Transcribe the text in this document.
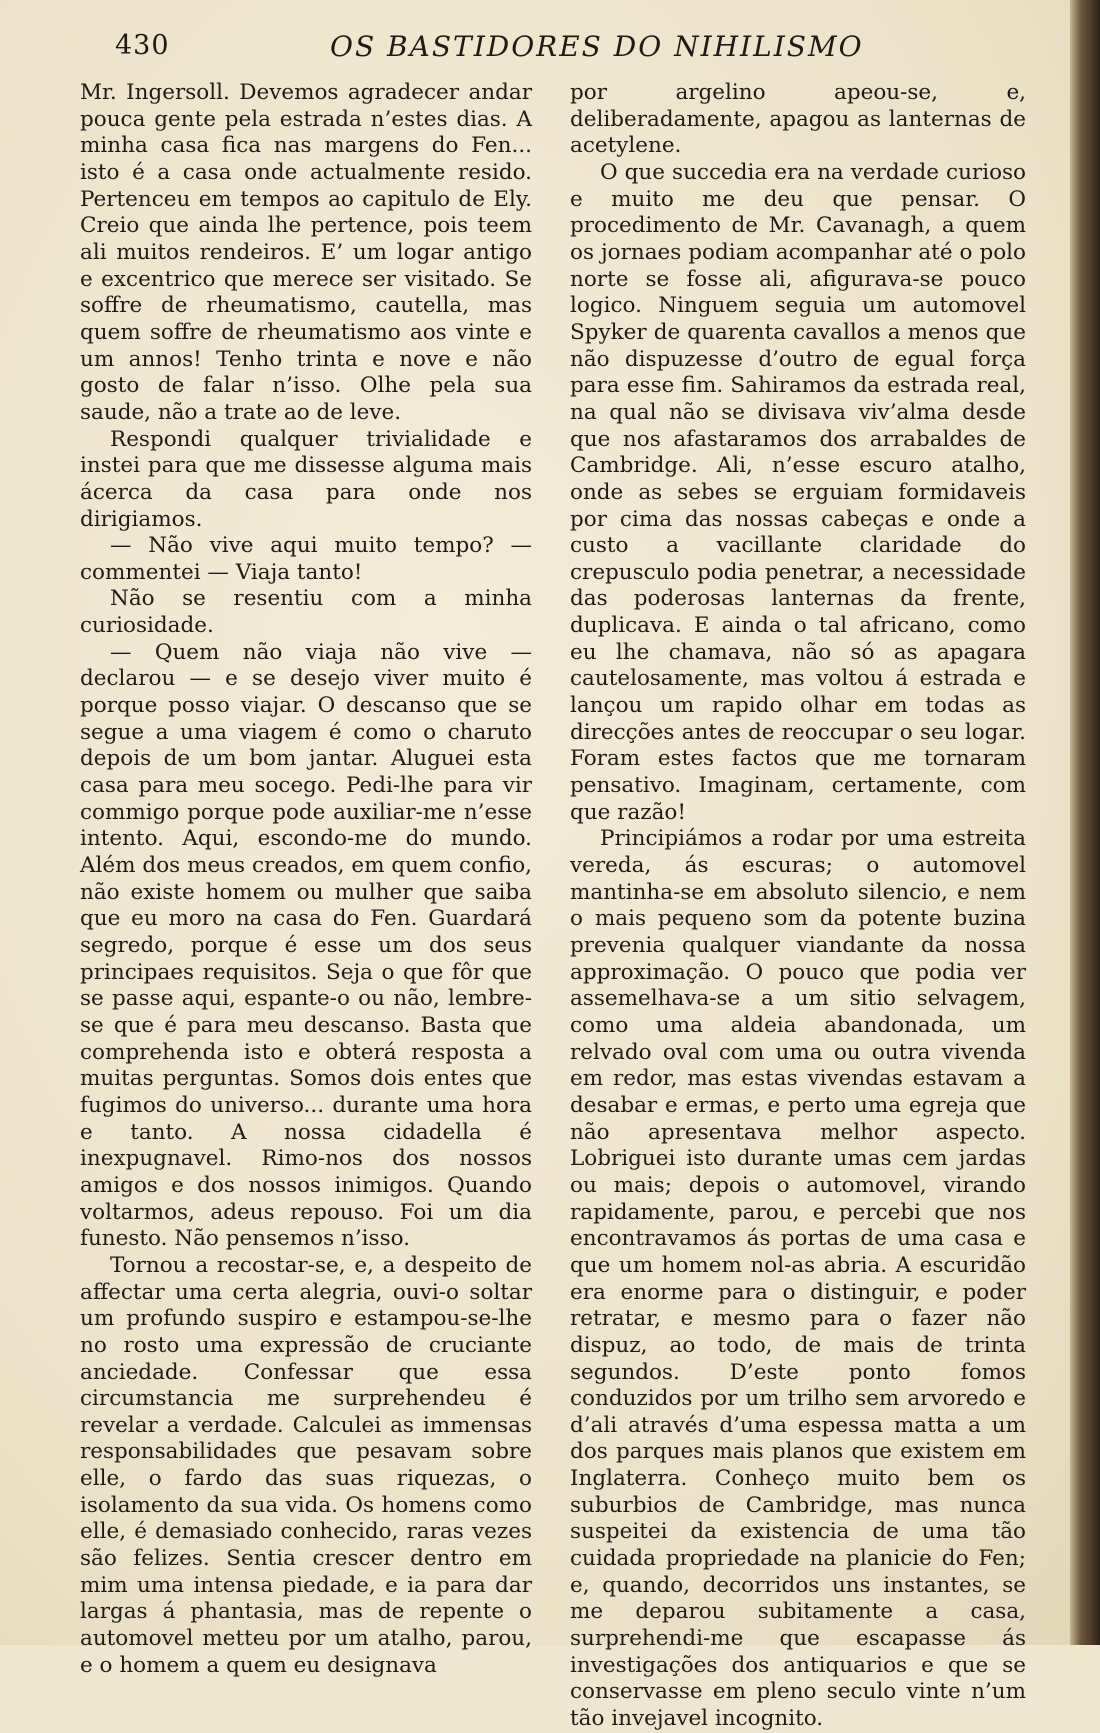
430	OS BASTIDORES DO NIHILISMO

Mr. Ingersoll. Devemos agradecer andar pouca gente pela estrada n’estes dias. A minha casa fica nas margens do Fen... isto é a casa onde actualmente resido. Pertenceu em tempos ao capitulo de Ely. Creio que ainda lhe pertence, pois teem ali muitos rendeiros. E’ um logar antigo e excentrico que merece ser visitado. Se soffre de rheumatismo, cautella, mas quem soffre de rheumatismo aos vinte e um annos! Tenho trinta e nove e não gosto de falar n’isso. Olhe pela sua saude, não a trate ao de leve.

Respondi qualquer trivialidade e instei para que me dissesse alguma mais ácerca da casa para onde nos dirigiamos.

— Não vive aqui muito tempo? — commentei — Viaja tanto!

Não se resentiu com a minha curiosidade.

— Quem não viaja não vive — declarou — e se desejo viver muito é porque posso viajar. O descanso que se segue a uma viagem é como o charuto depois de um bom jantar. Aluguei esta casa para meu socego. Pedi-lhe para vir commigo porque pode auxiliar-me n’esse intento. Aqui, escondo-me do mundo. Além dos meus creados, em quem confio, não existe homem ou mulher que saiba que eu moro na casa do Fen. Guardará segredo, porque é esse um dos seus principaes requisitos. Seja o que fôr que se passe aqui, espante-o ou não, lembre-se que é para meu descanso. Basta que comprehenda isto e obterá resposta a muitas perguntas. Somos dois entes que fugimos do universo... durante uma hora e tanto. A nossa cidadella é inexpugnavel. Rimo-nos dos nossos amigos e dos nossos inimigos. Quando voltarmos, adeus repouso. Foi um dia funesto. Não pensemos n’isso.

Tornou a recostar-se, e, a despeito de affectar uma certa alegria, ouvi-o soltar um profundo suspiro e estampou-se-lhe no rosto uma expressão de cruciante anciedade. Confessar que essa circumstancia me surprehendeu é revelar a verdade. Calculei as immensas responsabilidades que pesavam sobre elle, o fardo das suas riquezas, o isolamento da sua vida. Os homens como elle, é demasiado conhecido, raras vezes são felizes. Sentia crescer dentro em mim uma intensa piedade, e ia para dar largas á phantasia, mas de repente o automovel metteu por um atalho, parou, e o homem a quem eu designava

por argelino apeou-se, e, deliberadamente, apagou as lanternas de acetylene.

O que succedia era na verdade curioso e muito me deu que pensar. O procedimento de Mr. Cavanagh, a quem os jornaes podiam acompanhar até o polo norte se fosse ali, afigurava-se pouco logico. Ninguem seguia um automovel Spyker de quarenta cavallos a menos que não dispuzesse d’outro de egual força para esse fim. Sahiramos da estrada real, na qual não se divisava viv’alma desde que nos afastaramos dos arrabaldes de Cambridge. Ali, n’esse escuro atalho, onde as sebes se erguiam formidaveis por cima das nossas cabeças e onde a custo a vacillante claridade do crepusculo podia penetrar, a necessidade das poderosas lanternas da frente, duplicava. E ainda o tal africano, como eu lhe chamava, não só as apagara cautelosamente, mas voltou á estrada e lançou um rapido olhar em todas as direcções antes de reoccupar o seu logar. Foram estes factos que me tornaram pensativo. Imaginam, certamente, com que razão!

Principiámos a rodar por uma estreita vereda, ás escuras; o automovel mantinha-se em absoluto silencio, e nem o mais pequeno som da potente buzina prevenia qualquer viandante da nossa approximação. O pouco que podia ver assemelhava-se a um sitio selvagem, como uma aldeia abandonada, um relvado oval com uma ou outra vivenda em redor, mas estas vivendas estavam a desabar e ermas, e perto uma egreja que não apresentava melhor aspecto. Lobriguei isto durante umas cem jardas ou mais; depois o automovel, virando rapidamente, parou, e percebi que nos encontravamos ás portas de uma casa e que um homem nol-as abria. A escuridão era enorme para o distinguir, e poder retratar, e mesmo para o fazer não dispuz, ao todo, de mais de trinta segundos. D’este ponto fomos conduzidos por um trilho sem arvoredo e d’ali através d’uma espessa matta a um dos parques mais planos que existem em Inglaterra. Conheço muito bem os suburbios de Cambridge, mas nunca suspeitei da existencia de uma tão cuidada propriedade na planicie do Fen; e, quando, decorridos uns instantes, se me deparou subitamente a casa, surprehendi-me que escapasse ás investigações dos antiquarios e que se conservasse em pleno seculo vinte n’um tão invejavel incognito.
